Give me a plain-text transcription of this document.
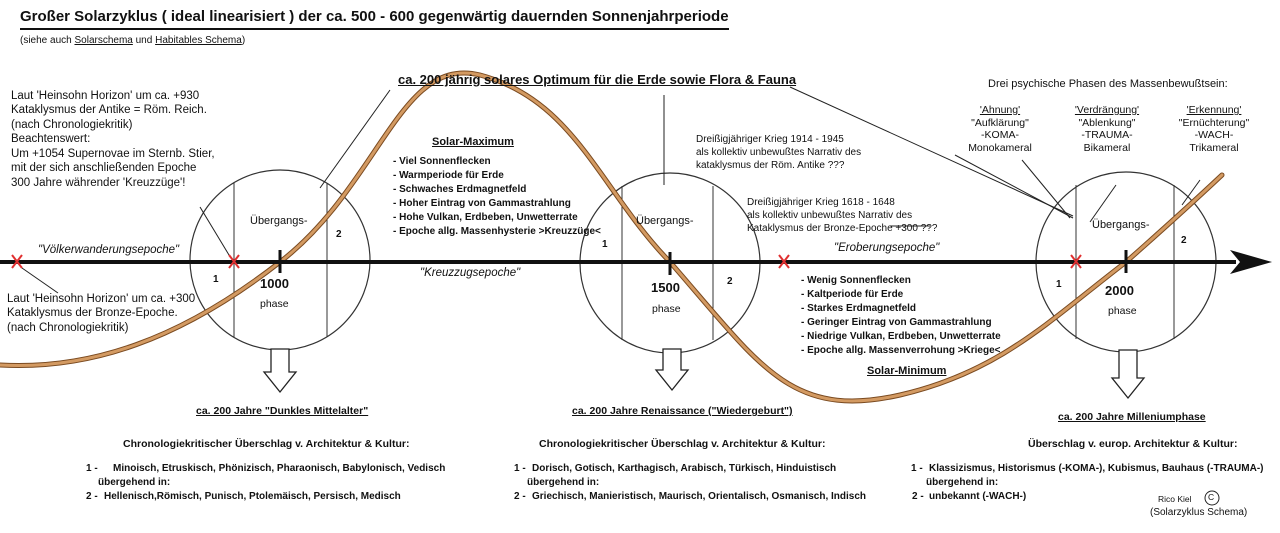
Großer Solarzyklus ( ideal linearisiert ) der ca. 500 - 600 gegenwärtig dauernden Sonnenjahrperiode
(siehe auch Solarschema und Habitables Schema)
ca. 200 jährig solares Optimum für die Erde sowie Flora & Fauna	Drei psychische Phasen des Massenbewußtsein:
'Ahnung'
"Aufklärung"
-KOMA-
Monokameral
'Verdrängung'
"Ablenkung"
-TRAUMA-
Bikameral
'Erkennung'
"Ernüchterung"
-WACH-
Trikameral
Laut 'Heinsohn Horizon' um ca. +930
Kataklysmus der Antike = Röm. Reich.
(nach Chronologiekritik)
Beachtenswert:
Um +1054 Supernovae im Sternb. Stier,
mit der sich anschließenden Epoche
300 Jahre währender 'Kreuzzüge'!
Laut 'Heinsohn Horizon' um ca. +300
Kataklysmus der Bronze-Epoche.
(nach Chronologiekritik)
Solar-Maximum
- Viel Sonnenflecken
- Warmperiode für Erde
- Schwaches Erdmagnetfeld
- Hoher Eintrag von Gammastrahlung
- Hohe Vulkan, Erdbeben, Unwetterrate
- Epoche allg. Massenhysterie >Kreuzzüge<
Dreißigjähriger Krieg 1914 - 1945
als kollektiv unbewußtes Narrativ des
kataklysmus der Röm. Antike ???
Dreißigjähriger Krieg 1618 - 1648
als kollektiv unbewußtes Narrativ des
Kataklysmus der Bronze-Epoche +300 ???
"Völkerwanderungsepoche"
"Kreuzzugsepoche"
"Eroberungsepoche"
Übergangs-
1000
phase
1
2
Übergangs-
1500
phase
1
2
Übergangs-
2000
phase
1
2
- Wenig Sonnenflecken
- Kaltperiode für Erde
- Starkes Erdmagnetfeld
- Geringer Eintrag von Gammastrahlung
- Niedrige Vulkan, Erdbeben, Unwetterrate
- Epoche allg. Massenverrohung >Kriege<
Solar-Minimum
ca. 200 Jahre "Dunkles Mittelalter"
Chronologiekritischer Überschlag v. Architektur & Kultur:
1 - Minoisch, Etruskisch, Phönizisch, Pharaonisch, Babylonisch, Vedisch
übergehend in:
2 - Hellenisch,Römisch, Punisch, Ptolemäisch, Persisch, Medisch
ca. 200 Jahre Renaissance ("Wiedergeburt")
Chronologiekritischer Überschlag v. Architektur & Kultur:
1 - Dorisch, Gotisch, Karthagisch, Arabisch, Türkisch, Hinduistisch
übergehend in:
2 - Griechisch, Manieristisch, Maurisch, Orientalisch, Osmanisch, Indisch
ca. 200 Jahre Milleniumphase
Überschlag v. europ. Architektur & Kultur:
1 - Klassizismus, Historismus (-KOMA-), Kubismus, Bauhaus (-TRAUMA-)
übergehend in:
2 - unbekannt (-WACH-)	Rico Kiel C
(Solarzyklus Schema)
